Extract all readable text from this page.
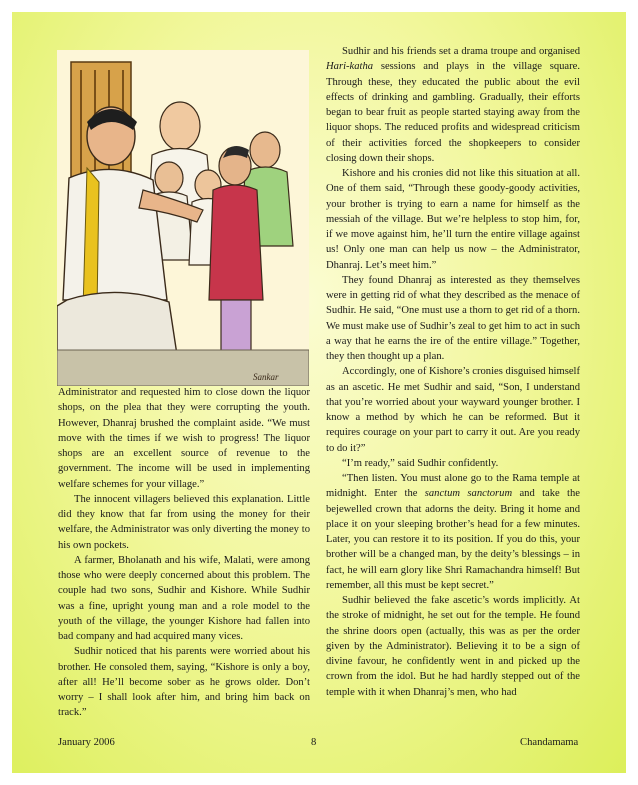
Sankar

Administrator and requested him to close down the liquor shops, on the plea that they were corrupting the youth. However, Dhanraj brushed the complaint aside. “We must move with the times if we wish to progress! The liquor shops are an excellent source of revenue to the government. The income will be used in implementing welfare schemes for your village.”

The innocent villagers believed this explanation. Little did they know that far from using the money for their welfare, the Administrator was only diverting the money to his own pockets.

A farmer, Bholanath and his wife, Malati, were among those who were deeply concerned about this problem. The couple had two sons, Sudhir and Kishore. While Sudhir was a fine, upright young man and a role model to the youth of the village, the younger Kishore had fallen into bad company and had acquired many vices.

Sudhir noticed that his parents were worried about his brother. He consoled them, saying, “Kishore is only a boy, after all! He’ll become sober as he grows older. Don’t worry – I shall look after him, and bring him back on track.”

Sudhir and his friends set a drama troupe and organised Hari-katha sessions and plays in the village square. Through these, they educated the public about the evil effects of drinking and gambling. Gradually, their efforts began to bear fruit as people started staying away from the liquor shops. The reduced profits and widespread criticism of their activities forced the shopkeepers to consider closing down their shops.

Kishore and his cronies did not like this situation at all. One of them said, “Through these goody-goody activities, your brother is trying to earn a name for himself as the messiah of the village. But we’re helpless to stop him, for, if we move against him, he’ll turn the entire village against us! Only one man can help us now – the Administrator, Dhanraj. Let’s meet him.”

They found Dhanraj as interested as they themselves were in getting rid of what they described as the menace of Sudhir. He said, “One must use a thorn to get rid of a thorn. We must make use of Sudhir’s zeal to get him to act in such a way that he earns the ire of the entire village.” Together, they then thought up a plan.

Accordingly, one of Kishore’s cronies disguised himself as an ascetic. He met Sudhir and said, “Son, I understand that you’re worried about your wayward younger brother. I know a method by which he can be reformed. But it requires courage on your part to carry it out. Are you ready to do it?”

“I’m ready,” said Sudhir confidently.

“Then listen. You must alone go to the Rama temple at midnight. Enter the sanctum sanctorum and take the bejewelled crown that adorns the deity. Bring it home and place it on your sleeping brother’s head for a few minutes. Later, you can restore it to its position. If you do this, your brother will be a changed man, by the deity’s blessings – in fact, he will earn glory like Shri Ramachandra himself! But remember, all this must be kept secret.”

Sudhir believed the fake ascetic’s words implicitly. At the stroke of midnight, he set out for the temple. He found the shrine doors open (actually, this was as per the order given by the Administrator). Believing it to be a sign of divine favour, he confidently went in and picked up the crown from the idol. But he had hardly stepped out of the temple with it when Dhanraj’s men, who had

January 2006	8	Chandamama
